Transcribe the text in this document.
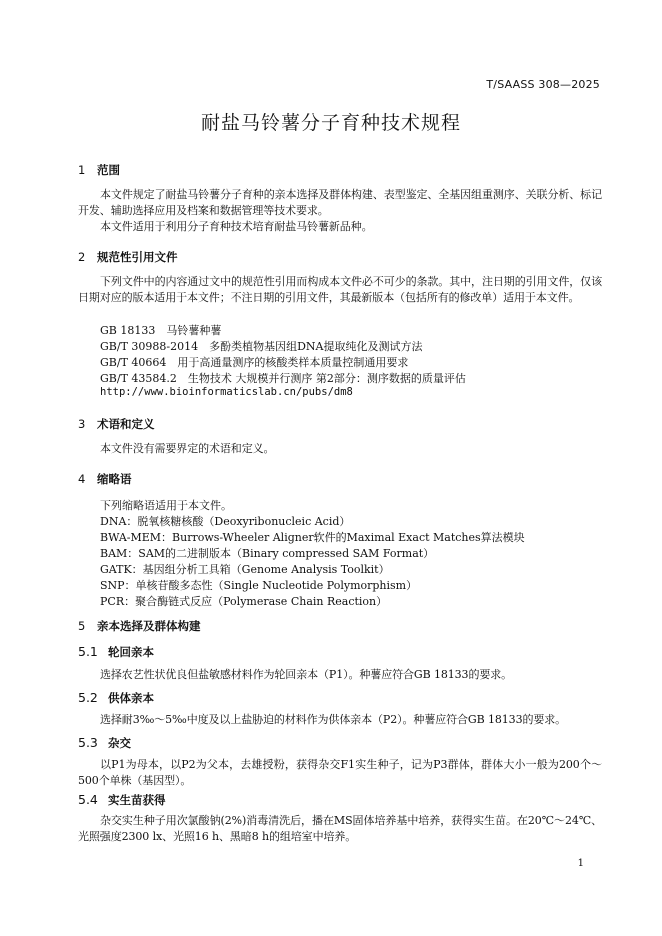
T/SAASS 308—2025
耐盐马铃薯分子育种技术规程
1 范围
本文件规定了耐盐马铃薯分子育种的亲本选择及群体构建、表型鉴定、全基因组重测序、关联分析、标记开发、辅助选择应用及档案和数据管理等技术要求。
本文件适用于利用分子育种技术培育耐盐马铃薯新品种。
2 规范性引用文件
下列文件中的内容通过文中的规范性引用而构成本文件必不可少的条款。其中，注日期的引用文件，仅该日期对应的版本适用于本文件；不注日期的引用文件，其最新版本（包括所有的修改单）适用于本文件。
GB 18133　马铃薯种薯
GB/T 30988-2014　多酚类植物基因组DNA提取纯化及测试方法
GB/T 40664　用于高通量测序的核酸类样本质量控制通用要求
GB/T 43584.2　生物技术 大规模并行测序 第2部分：测序数据的质量评估
http://www.bioinformaticslab.cn/pubs/dm8
3 术语和定义
本文件没有需要界定的术语和定义。
4 缩略语
下列缩略语适用于本文件。
DNA：脱氧核糖核酸（Deoxyribonucleic Acid）
BWA-MEM：Burrows-Wheeler Aligner软件的Maximal Exact Matches算法模块
BAM：SAM的二进制版本（Binary compressed SAM Format）
GATK：基因组分析工具箱（Genome Analysis Toolkit）
SNP：单核苷酸多态性（Single Nucleotide Polymorphism）
PCR：聚合酶链式反应（Polymerase Chain Reaction）
5 亲本选择及群体构建
5.1 轮回亲本
选择农艺性状优良但盐敏感材料作为轮回亲本（P1）。种薯应符合GB 18133的要求。
5.2 供体亲本
选择耐3‰～5‰中度及以上盐胁迫的材料作为供体亲本（P2）。种薯应符合GB 18133的要求。
5.3 杂交
以P1为母本，以P2为父本，去雄授粉，获得杂交F1实生种子，记为P3群体，群体大小一般为200个～500个单株（基因型）。
5.4 实生苗获得
杂交实生种子用次氯酸钠(2%)消毒清洗后，播在MS固体培养基中培养，获得实生苗。在20℃～24℃、光照强度2300 lx、光照16 h、黑暗8 h的组培室中培养。
1
